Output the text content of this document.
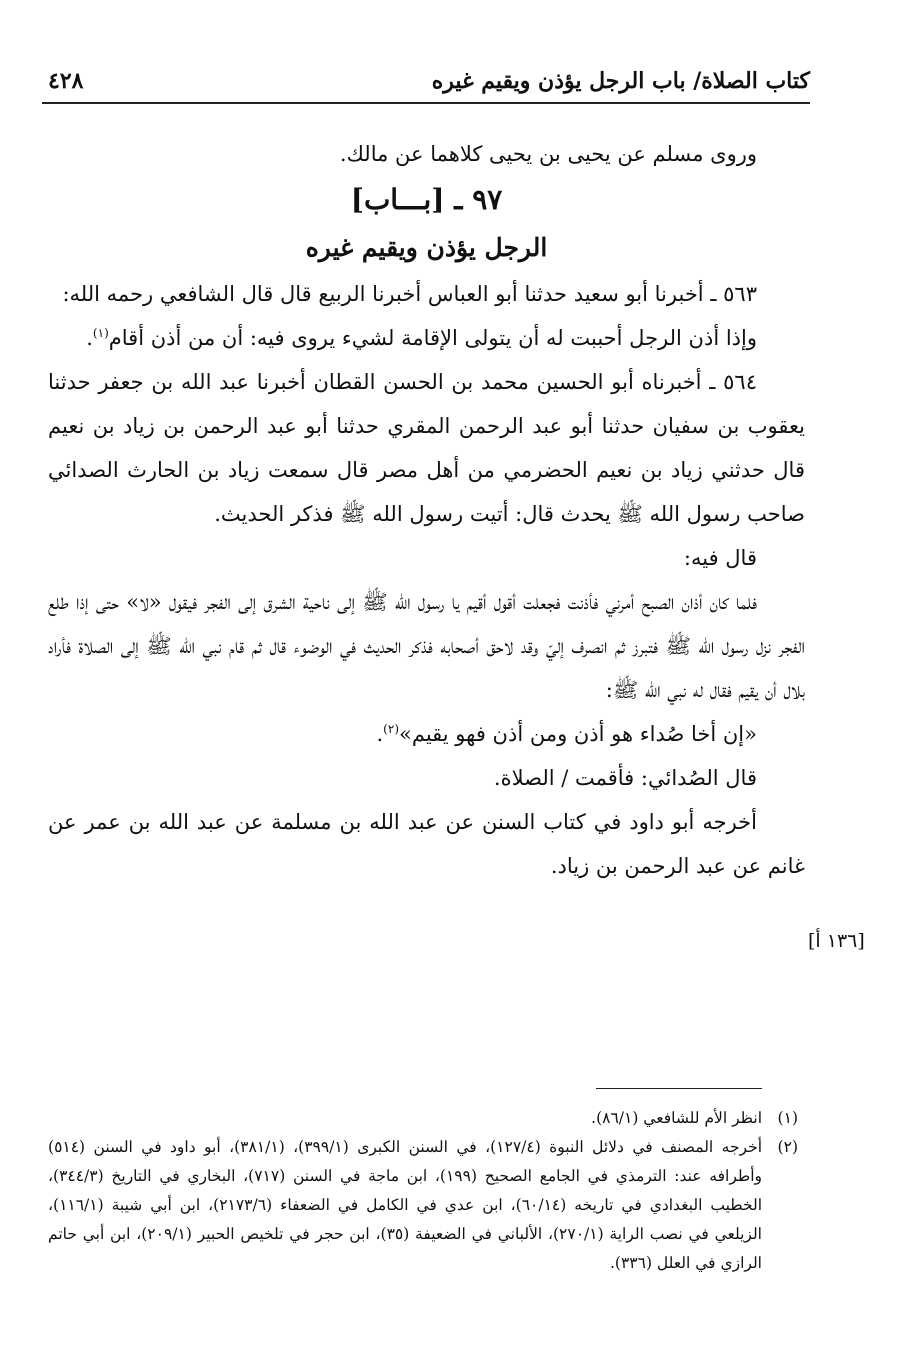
كتاب الصلاة/ باب الرجل يؤذن ويقيم غيره
٤٢٨

وروى مسلم عن يحيى بن يحيى كلاهما عن مالك.

٩٧ ـ [بـــاب]

الرجل يؤذن ويقيم غيره

٥٦٣ ـ أخبرنا أبو سعيد حدثنا أبو العباس أخبرنا الربيع قال قال الشافعي رحمه الله:

وإذا أذن الرجل أحببت له أن يتولى الإقامة لشيء يروى فيه: أن من أذن أقام$^{(١)}$.

٥٦٤ ـ أخبرناه أبو الحسين محمد بن الحسن القطان أخبرنا عبد الله بن جعفر حدثنا يعقوب بن سفيان حدثنا أبو عبد الرحمن المقري حدثنا أبو عبد الرحمن بن زياد بن نعيم قال حدثني زياد بن نعيم الحضرمي من أهل مصر قال سمعت زياد بن الحارث الصدائي صاحب رسول الله ﷺ يحدث قال: أتيت رسول الله ﷺ فذكر الحديث.

قال فيه:

فلما كان أذان الصبح أمرني فأذنت فجعلت أقول أقيم يا رسول الله ﷺ إلى ناحية الشرق إلى الفجر فيقول «لا» حتى إذا طلع الفجر نزل رسول الله ﷺ فتبرز ثم انصرف إليّ وقد لاحق أصحابه فذكر الحديث في الوضوء قال ثم قام نبي الله ﷺ إلى الصلاة فأراد بلال أن يقيم فقال له نبي الله ﷺ:

«إن أخا صُداء هو أذن ومن أذن فهو يقيم»$^{(٢)}$.

قال الصُدائي: فأقمت / الصلاة.

أخرجه أبو داود في كتاب السنن عن عبد الله بن مسلمة عن عبد الله بن عمر عن غانم عن عبد الرحمن بن زياد.

[١٣٦ أ]

(١)
انظر الأم للشافعي (٨٦/١).

(٢)
أخرجه المصنف في دلائل النبوة (١٢٧/٤)، في السنن الكبرى (٣٩٩/١)، (٣٨١/١)، أبو داود في السنن (٥١٤) وأطرافه عند: الترمذي في الجامع الصحيح (١٩٩)، ابن ماجة في السنن (٧١٧)، البخاري في التاريخ (٣٤٤/٣)، الخطيب البغدادي في تاريخه (٦٠/١٤)، ابن عدي في الكامل في الضعفاء (٢١٧٣/٦)، ابن أبي شيبة (١١٦/١)، الزيلعي في نصب الراية (٢٧٠/١)، الألباني في الضعيفة (٣٥)، ابن حجر في تلخيص الحبير (٢٠٩/١)، ابن أبي حاتم الرازي في العلل (٣٣٦).
